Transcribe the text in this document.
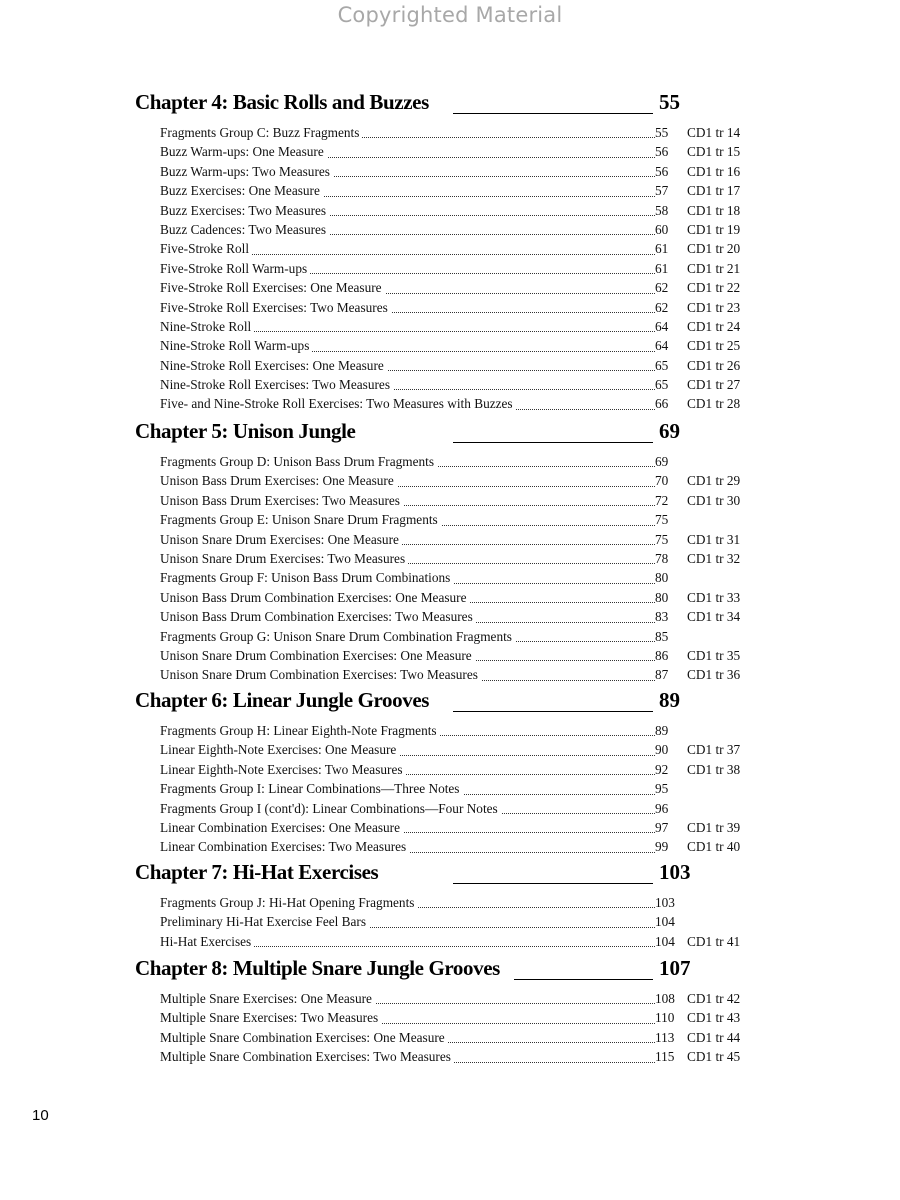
Copyrighted Material
Chapter 4: Basic Rolls and Buzzes	55
Fragments Group C: Buzz Fragments	55 CD1 tr 14
Buzz Warm-ups: One Measure	56 CD1 tr 15
Buzz Warm-ups: Two Measures	56 CD1 tr 16
Buzz Exercises: One Measure	57 CD1 tr 17
Buzz Exercises: Two Measures	58 CD1 tr 18
Buzz Cadences: Two Measures	60 CD1 tr 19
Five-Stroke Roll	61 CD1 tr 20
Five-Stroke Roll Warm-ups	61 CD1 tr 21
Five-Stroke Roll Exercises: One Measure	62 CD1 tr 22
Five-Stroke Roll Exercises: Two Measures	62 CD1 tr 23
Nine-Stroke Roll	64 CD1 tr 24
Nine-Stroke Roll Warm-ups	64 CD1 tr 25
Nine-Stroke Roll Exercises: One Measure	65 CD1 tr 26
Nine-Stroke Roll Exercises: Two Measures	65 CD1 tr 27
Five- and Nine-Stroke Roll Exercises: Two Measures with Buzzes	66 CD1 tr 28
Chapter 5: Unison Jungle	69
Fragments Group D: Unison Bass Drum Fragments	69
Unison Bass Drum Exercises: One Measure	70 CD1 tr 29
Unison Bass Drum Exercises: Two Measures	72 CD1 tr 30
Fragments Group E: Unison Snare Drum Fragments	75
Unison Snare Drum Exercises: One Measure	75 CD1 tr 31
Unison Snare Drum Exercises: Two Measures	78 CD1 tr 32
Fragments Group F: Unison Bass Drum Combinations	80
Unison Bass Drum Combination Exercises: One Measure	80 CD1 tr 33
Unison Bass Drum Combination Exercises: Two Measures	83 CD1 tr 34
Fragments Group G: Unison Snare Drum Combination Fragments	85
Unison Snare Drum Combination Exercises: One Measure	86 CD1 tr 35
Unison Snare Drum Combination Exercises: Two Measures	87 CD1 tr 36
Chapter 6: Linear Jungle Grooves	89
Fragments Group H: Linear Eighth-Note Fragments	89
Linear Eighth-Note Exercises: One Measure	90 CD1 tr 37
Linear Eighth-Note Exercises: Two Measures	92 CD1 tr 38
Fragments Group I: Linear Combinations—Three Notes	95
Fragments Group I (cont'd): Linear Combinations—Four Notes	96
Linear Combination Exercises: One Measure	97 CD1 tr 39
Linear Combination Exercises: Two Measures	99 CD1 tr 40
Chapter 7: Hi-Hat Exercises	103
Fragments Group J: Hi-Hat Opening Fragments	103
Preliminary Hi-Hat Exercise Feel Bars	104
Hi-Hat Exercises	104 CD1 tr 41
Chapter 8: Multiple Snare Jungle Grooves	107
Multiple Snare Exercises: One Measure	108 CD1 tr 42
Multiple Snare Exercises: Two Measures	110 CD1 tr 43
Multiple Snare Combination Exercises: One Measure	113 CD1 tr 44
Multiple Snare Combination Exercises: Two Measures	115 CD1 tr 45
10
